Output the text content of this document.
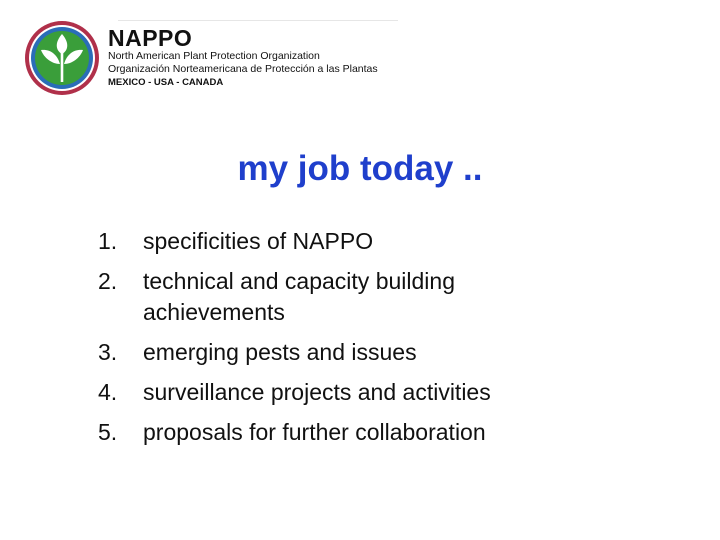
NAPPO
North American Plant Protection Organization
Organización Norteamericana de Protección a las Plantas
MEXICO - USA - CANADA
my job today ..
1.	specificities of NAPPO
2.	technical and capacity building achievements
3.	emerging pests and issues
4.	surveillance projects and activities
5.	proposals for further collaboration
